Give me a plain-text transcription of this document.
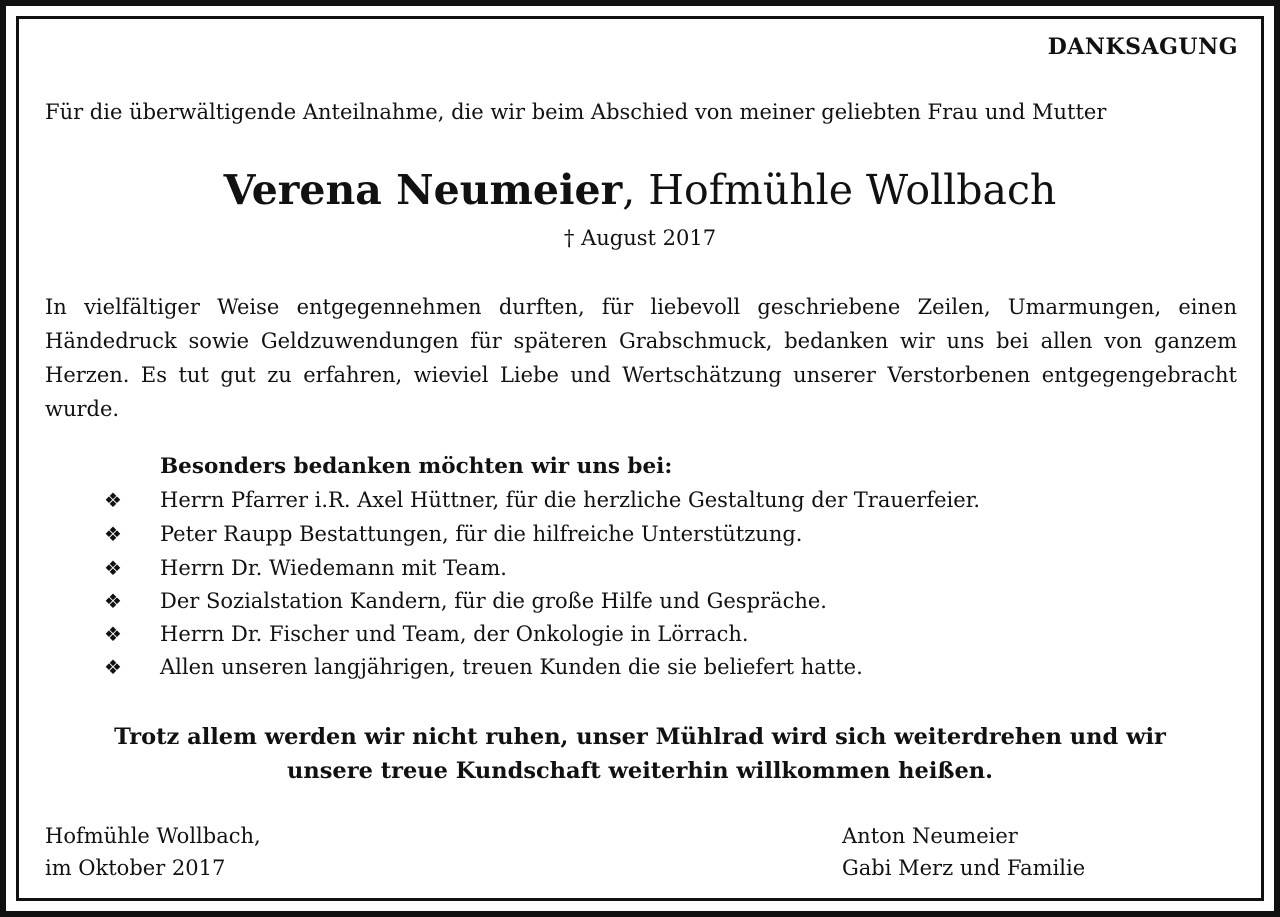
DANKSAGUNG
Für die überwältigende Anteilnahme, die wir beim Abschied von meiner geliebten Frau und Mutter
Verena Neumeier, Hofmühle Wollbach
† August 2017
In vielfältiger Weise entgegennehmen durften, für liebevoll geschriebene Zeilen, Umarmungen, einen Händedruck sowie Geldzuwendungen für späteren Grabschmuck, bedanken wir uns bei allen von ganzem Herzen. Es tut gut zu erfahren, wieviel Liebe und Wertschätzung unserer Verstorbenen entgegengebracht wurde.
Besonders bedanken möchten wir uns bei:
❖ Herrn Pfarrer i.R. Axel Hüttner, für die herzliche Gestaltung der Trauerfeier.
❖ Peter Raupp Bestattungen, für die hilfreiche Unterstützung.
❖ Herrn Dr. Wiedemann mit Team.
❖ Der Sozialstation Kandern, für die große Hilfe und Gespräche.
❖ Herrn Dr. Fischer und Team, der Onkologie in Lörrach.
❖ Allen unseren langjährigen, treuen Kunden die sie beliefert hatte.
Trotz allem werden wir nicht ruhen, unser Mühlrad wird sich weiterdrehen und wir
unsere treue Kundschaft weiterhin willkommen heißen.
Hofmühle Wollbach,
im Oktober 2017
Anton Neumeier
Gabi Merz und Familie
